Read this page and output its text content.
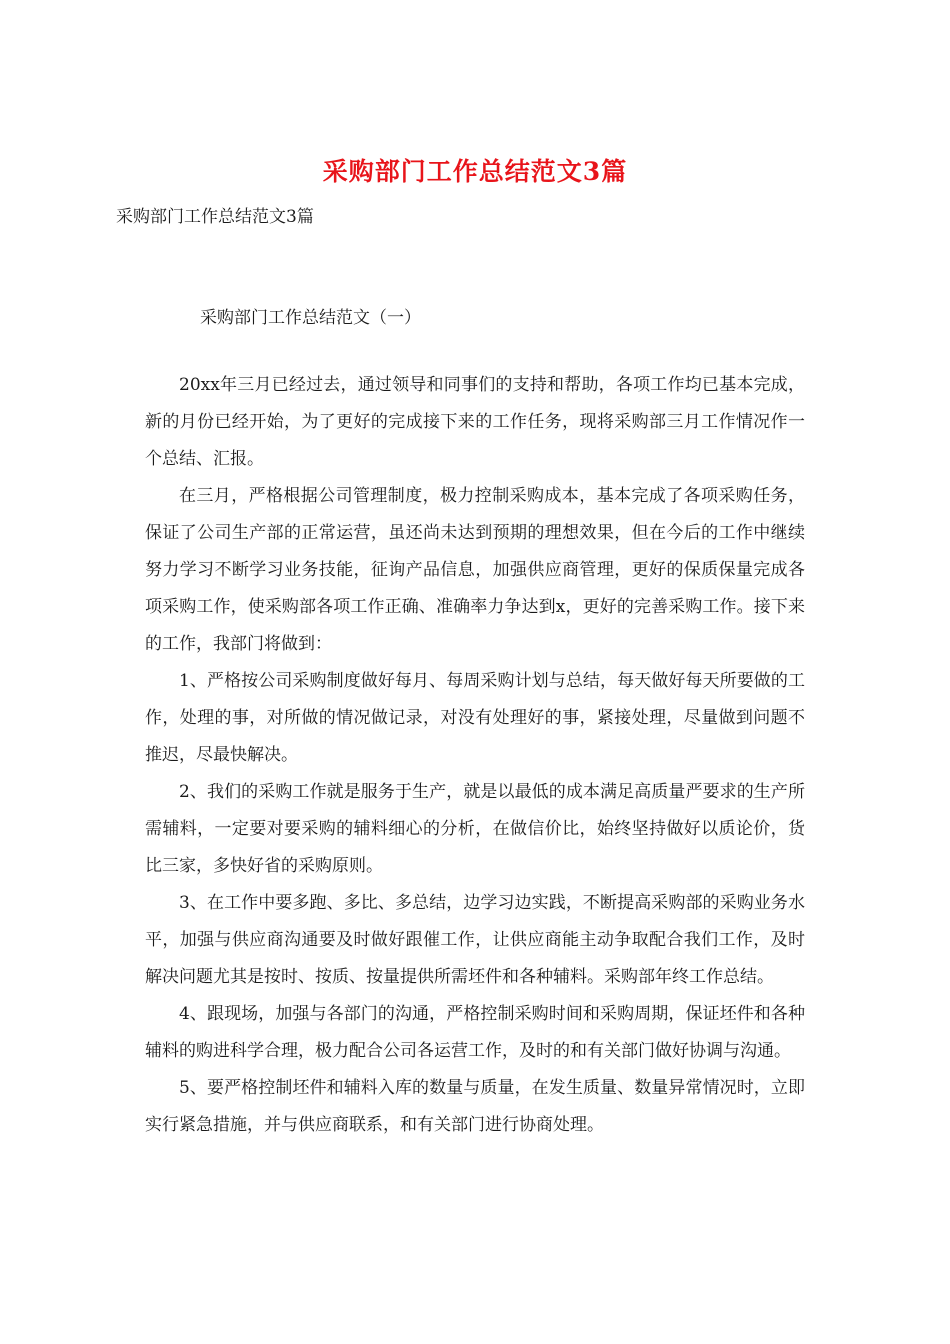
采购部门工作总结范文3篇

采购部门工作总结范文3篇

采购部门工作总结范文（一）

20xx年三月已经过去，通过领导和同事们的支持和帮助，各项工作均已基本完成，新的月份已经开始，为了更好的完成接下来的工作任务，现将采购部三月工作情况作一个总结、汇报。

在三月，严格根据公司管理制度，极力控制采购成本，基本完成了各项采购任务，保证了公司生产部的正常运营，虽还尚未达到预期的理想效果，但在今后的工作中继续努力学习不断学习业务技能，征询产品信息，加强供应商管理，更好的保质保量完成各项采购工作，使采购部各项工作正确、准确率力争达到x，更好的完善采购工作。接下来的工作，我部门将做到：

1、严格按公司采购制度做好每月、每周采购计划与总结，每天做好每天所要做的工作，处理的事，对所做的情况做记录，对没有处理好的事，紧接处理，尽量做到问题不推迟，尽最快解决。

2、我们的采购工作就是服务于生产，就是以最低的成本满足高质量严要求的生产所需辅料，一定要对要采购的辅料细心的分析，在做信价比，始终坚持做好以质论价，货比三家，多快好省的采购原则。

3、在工作中要多跑、多比、多总结，边学习边实践，不断提高采购部的采购业务水平，加强与供应商沟通要及时做好跟催工作，让供应商能主动争取配合我们工作，及时解决问题尤其是按时、按质、按量提供所需坯件和各种辅料。采购部年终工作总结。

4、跟现场，加强与各部门的沟通，严格控制采购时间和采购周期，保证坯件和各种辅料的购进科学合理，极力配合公司各运营工作，及时的和有关部门做好协调与沟通。

5、要严格控制坯件和辅料入库的数量与质量，在发生质量、数量异常情况时，立即实行紧急措施，并与供应商联系，和有关部门进行协商处理。
